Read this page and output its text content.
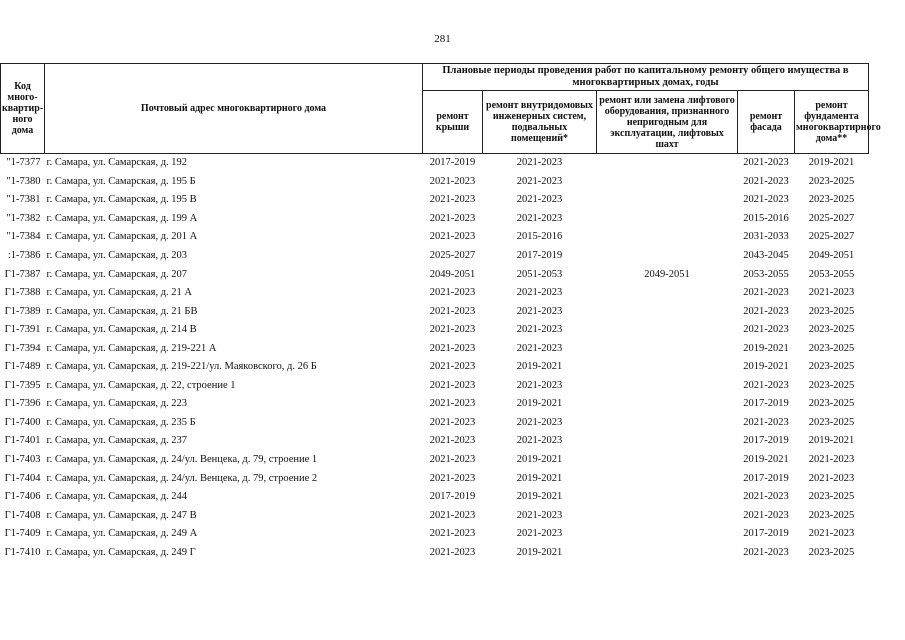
281
Код много-квартир-ного дома	Почтовый адрес многоквартирного дома	Плановые периоды проведения работ по капитальному ремонту общего имущества в многоквартирных домах, годы				
		ремонт крыши	ремонт внутридомовых инженерных систем, подвальных помещений*	ремонт или замена лифтового оборудования, признанного непригодным для эксплуатации, лифтовых шахт	ремонт фасада	ремонт фундамента многоквартирного дома**
"1-7377	г. Самара, ул. Самарская, д. 192	2017-2019	2021-2023		2021-2023	2019-2021
"1-7380	г. Самара, ул. Самарская, д. 195 Б	2021-2023	2021-2023		2021-2023	2023-2025
"1-7381	г. Самара, ул. Самарская, д. 195 В	2021-2023	2021-2023		2021-2023	2023-2025
"1-7382	г. Самара, ул. Самарская, д. 199 А	2021-2023	2021-2023		2015-2016	2025-2027
"1-7384	г. Самара, ул. Самарская, д. 201 А	2021-2023	2015-2016		2031-2033	2025-2027
:1-7386	г. Самара, ул. Самарская, д. 203	2025-2027	2017-2019		2043-2045	2049-2051
Г1-7387	г. Самара, ул. Самарская, д. 207	2049-2051	2051-2053	2049-2051	2053-2055	2053-2055
Г1-7388	г. Самара, ул. Самарская, д. 21 А	2021-2023	2021-2023		2021-2023	2021-2023
Г1-7389	г. Самара, ул. Самарская, д. 21 БВ	2021-2023	2021-2023		2021-2023	2023-2025
Г1-7391	г. Самара, ул. Самарская, д. 214 В	2021-2023	2021-2023		2021-2023	2023-2025
Г1-7394	г. Самара, ул. Самарская, д. 219-221 А	2021-2023	2021-2023		2019-2021	2023-2025
Г1-7489	г. Самара, ул. Самарская, д. 219-221/ул. Маяковского, д. 26 Б	2021-2023	2019-2021		2019-2021	2023-2025
Г1-7395	г. Самара, ул. Самарская, д. 22, строение 1	2021-2023	2021-2023		2021-2023	2023-2025
Г1-7396	г. Самара, ул. Самарская, д. 223	2021-2023	2019-2021		2017-2019	2023-2025
Г1-7400	г. Самара, ул. Самарская, д. 235 Б	2021-2023	2021-2023		2021-2023	2023-2025
Г1-7401	г. Самара, ул. Самарская, д. 237	2021-2023	2021-2023		2017-2019	2019-2021
Г1-7403	г. Самара, ул. Самарская, д. 24/ул. Венцека, д. 79, строение 1	2021-2023	2019-2021		2019-2021	2021-2023
Г1-7404	г. Самара, ул. Самарская, д. 24/ул. Венцека, д. 79, строение 2	2021-2023	2019-2021		2017-2019	2021-2023
Г1-7406	г. Самара, ул. Самарская, д. 244	2017-2019	2019-2021		2021-2023	2023-2025
Г1-7408	г. Самара, ул. Самарская, д. 247 В	2021-2023	2021-2023		2021-2023	2023-2025
Г1-7409	г. Самара, ул. Самарская, д. 249 А	2021-2023	2021-2023		2017-2019	2021-2023
Г1-7410	г. Самара, ул. Самарская, д. 249 Г	2021-2023	2019-2021		2021-2023	2023-2025
